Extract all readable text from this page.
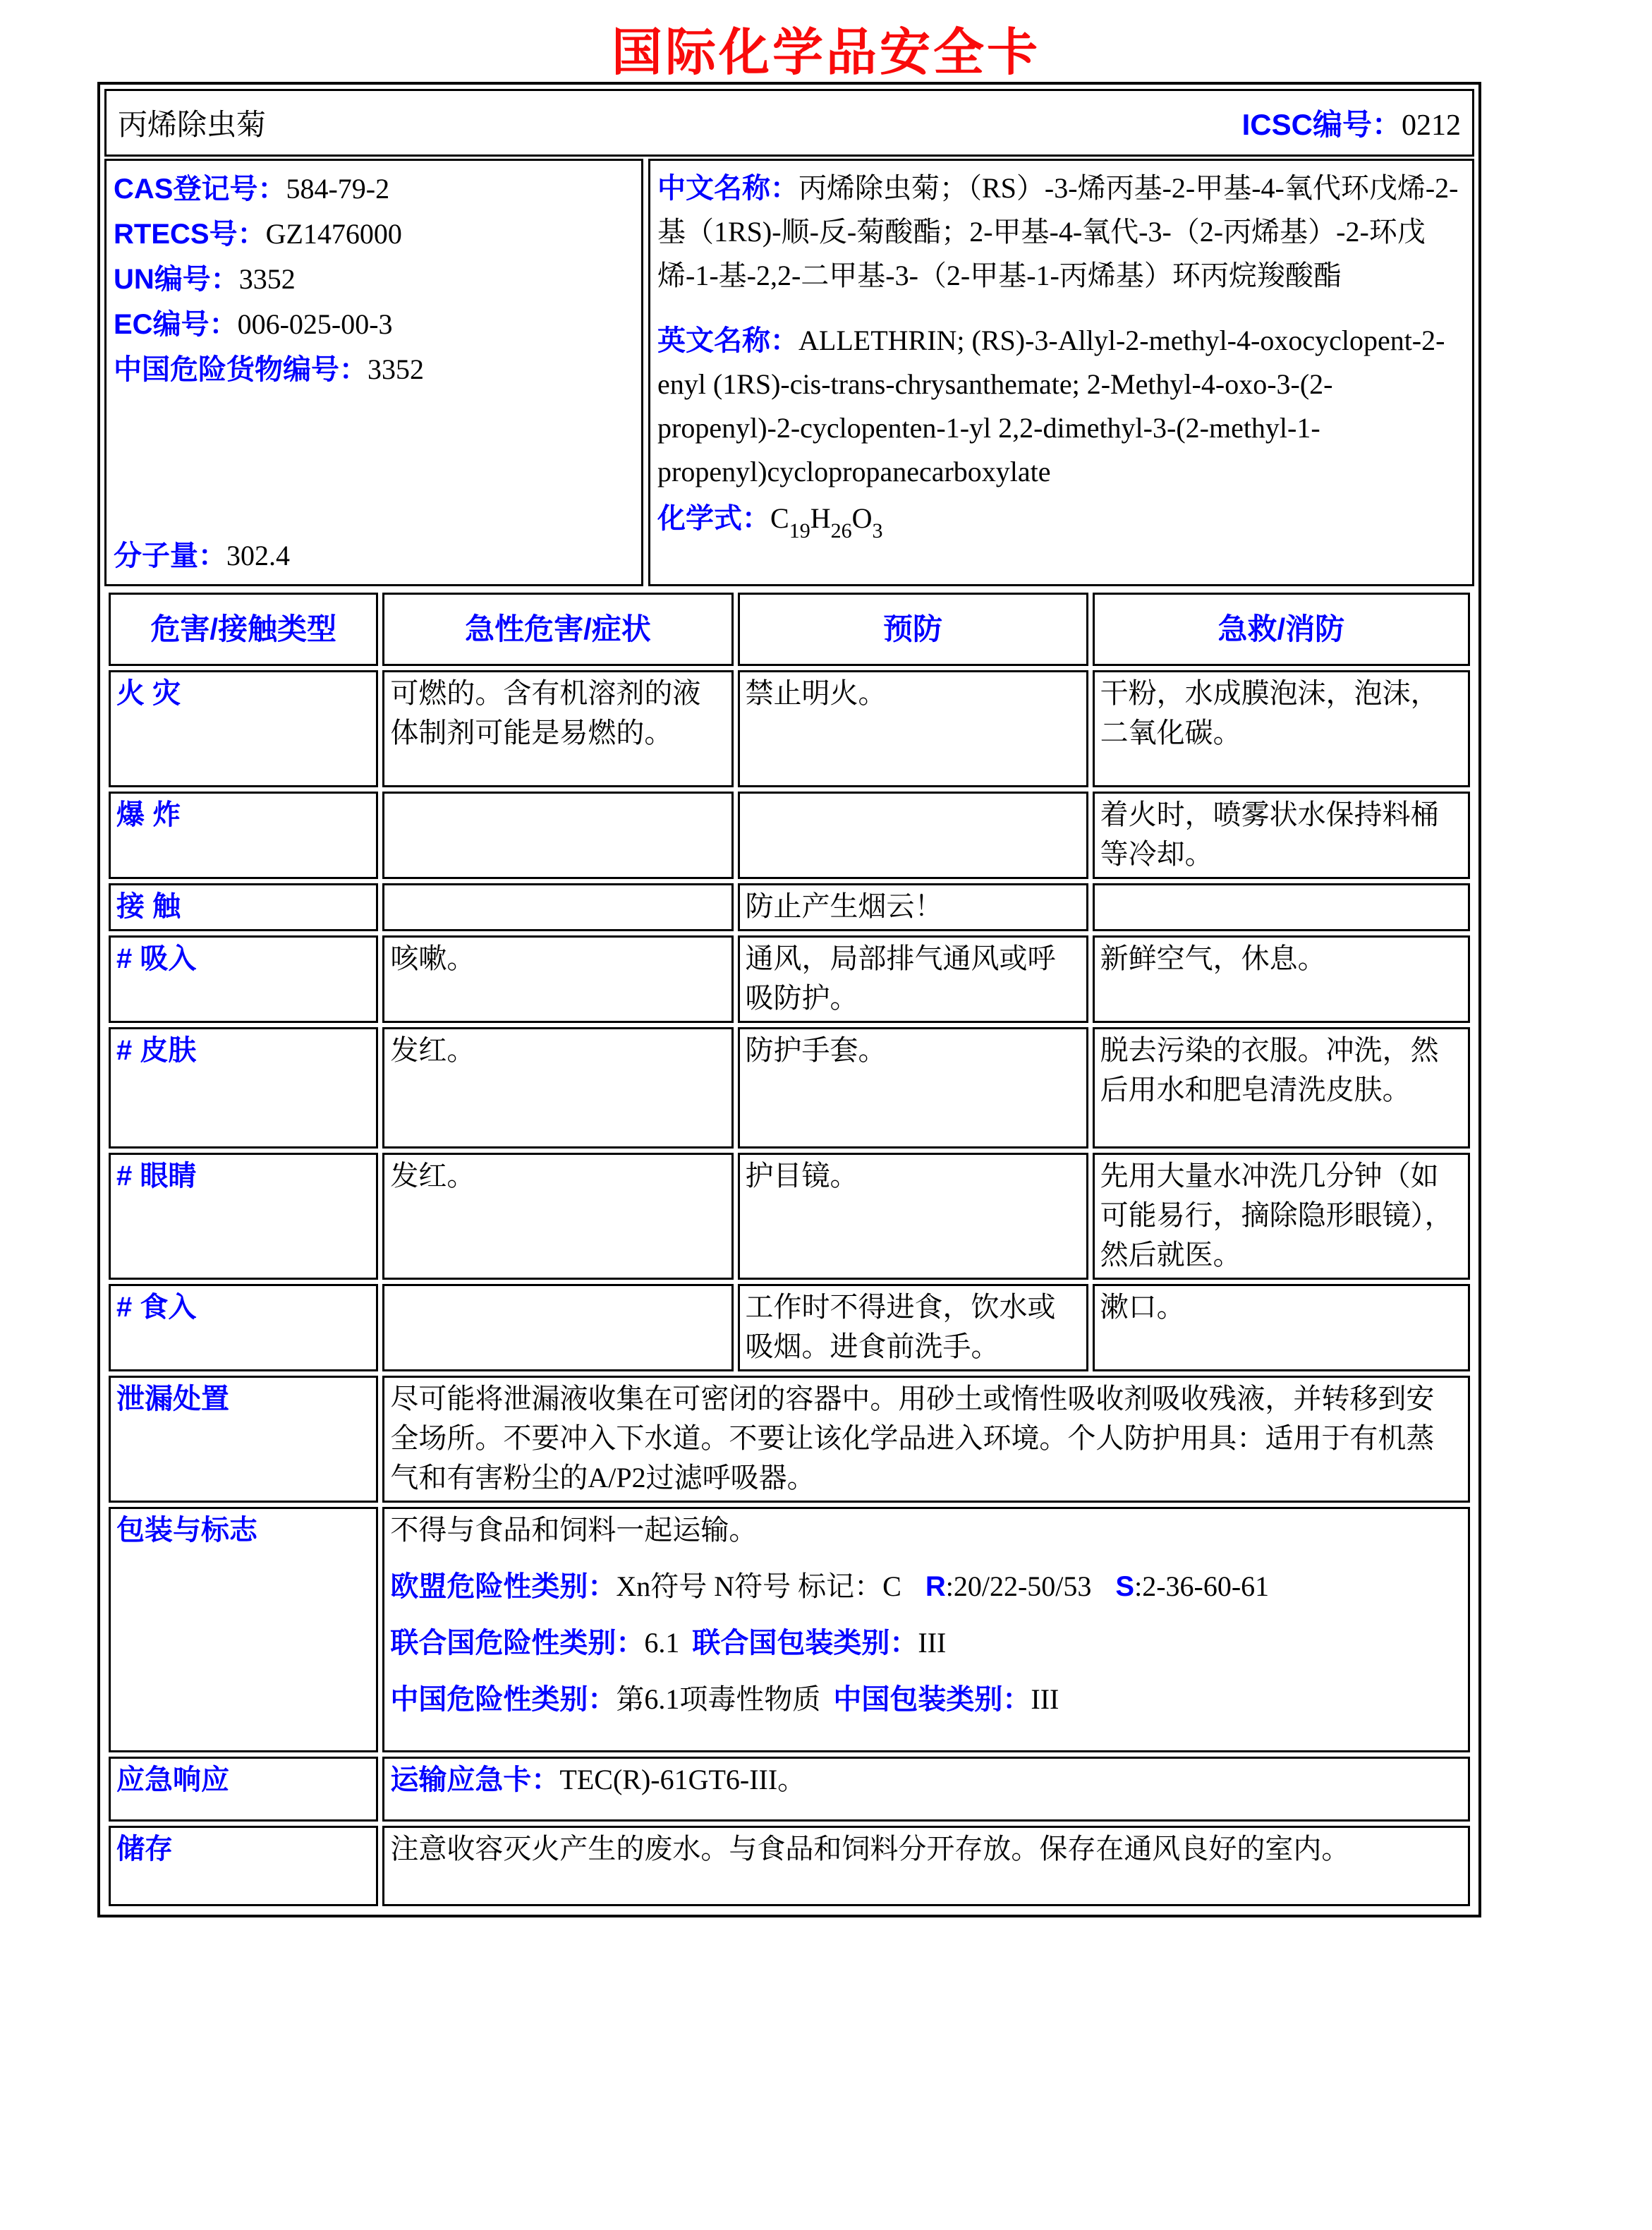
国际化学品安全卡
丙烯除虫菊	ICSC编号：0212
CAS登记号：584-79-2
RTECS号：GZ1476000
UN编号：3352
EC编号：006-025-00-3
中国危险货物编号：3352
分子量：302.4
中文名称：丙烯除虫菊；（RS）-3-烯丙基-2-甲基-4-氧代环戊烯-2-基（1RS)-顺-反-菊酸酯；2-甲基-4-氧代-3-（2-丙烯基）-2-环戊烯-1-基-2,2-二甲基-3-（2-甲基-1-丙烯基）环丙烷羧酸酯
英文名称：ALLETHRIN; (RS)-3-Allyl-2-methyl-4-oxocyclopent-2-enyl (1RS)-cis-trans-chrysanthemate; 2-Methyl-4-oxo-3-(2-propenyl)-2-cyclopenten-1-yl 2,2-dimethyl-3-(2-methyl-1-propenyl)cyclopropanecarboxylate
化学式：$C_{19}H_{26}O_3$
危害/接触类型	急性危害/症状	预防	急救/消防
火 灾	可燃的。含有机溶剂的液体制剂可能是易燃的。	禁止明火。	干粉，水成膜泡沫，泡沫，二氧化碳。
爆 炸			着火时，喷雾状水保持料桶等冷却。
接 触		防止产生烟云！	
# 吸入	咳嗽。	通风，局部排气通风或呼吸防护。	新鲜空气，休息。
# 皮肤	发红。	防护手套。	脱去污染的衣服。冲洗，然后用水和肥皂清洗皮肤。
# 眼睛	发红。	护目镜。	先用大量水冲洗几分钟（如可能易行，摘除隐形眼镜），然后就医。
# 食入		工作时不得进食，饮水或吸烟。进食前洗手。	漱口。
泄漏处置	尽可能将泄漏液收集在可密闭的容器中。用砂土或惰性吸收剂吸收残液，并转移到安全场所。不要冲入下水道。不要让该化学品进入环境。个人防护用具：适用于有机蒸气和有害粉尘的A/P2过滤呼吸器。		
包装与标志	不得与食品和饲料一起运输。
欧盟危险性类别：Xn符号 N符号 标记：C R:20/22-50/53 S:2-36-60-61
联合国危险性类别：6.1 联合国包装类别：III
中国危险性类别：第6.1项毒性物质 中国包装类别：III		

应急响应	运输应急卡：TEC(R)-61GT6-III。		
储存	注意收容灭火产生的废水。与食品和饲料分开存放。保存在通风良好的室内。		
